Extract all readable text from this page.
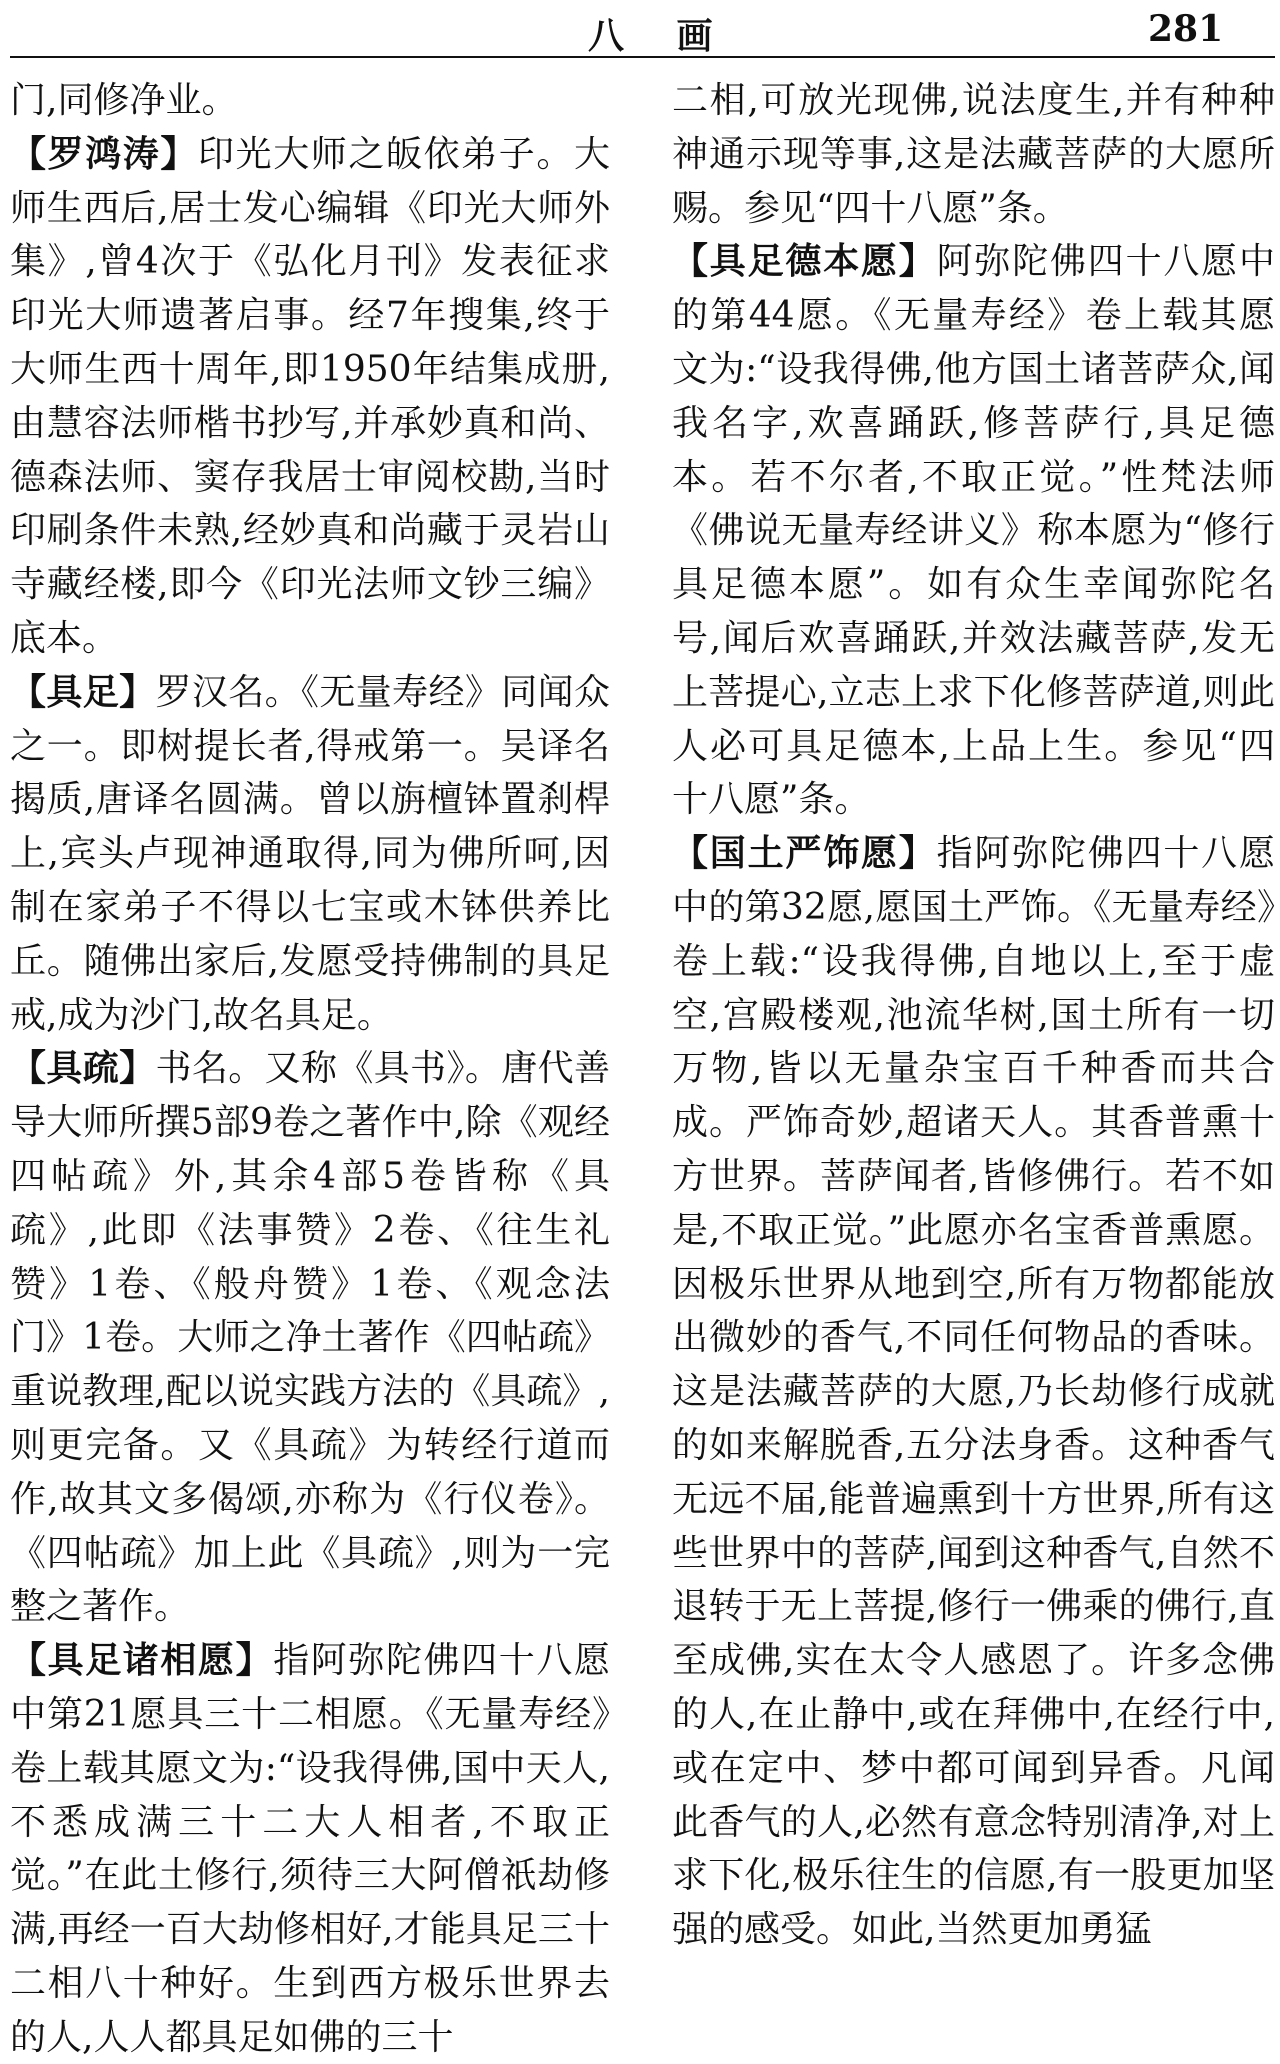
八 画	281

门,同修净业。

【罗鸿涛】印光大师之皈依弟子。大师生西后,居士发心编辑《印光大师外集》,曾4次于《弘化月刊》发表征求印光大师遗著启事。经7年搜集,终于大师生西十周年,即1950年结集成册,由慧容法师楷书抄写,并承妙真和尚、德森法师、窦存我居士审阅校勘,当时印刷条件未熟,经妙真和尚藏于灵岩山寺藏经楼,即今《印光法师文钞三编》底本。

【具足】罗汉名。《无量寿经》同闻众之一。即树提长者,得戒第一。吴译名揭质,唐译名圆满。曾以旃檀钵置刹桿上,宾头卢现神通取得,同为佛所呵,因制在家弟子不得以七宝或木钵供养比丘。随佛出家后,发愿受持佛制的具足戒,成为沙门,故名具足。

【具疏】书名。又称《具书》。唐代善导大师所撰5部9卷之著作中,除《观经四帖疏》外,其余4部5卷皆称《具疏》,此即《法事赞》2卷、《往生礼赞》1卷、《般舟赞》1卷、《观念法门》1卷。大师之净土著作《四帖疏》重说教理,配以说实践方法的《具疏》,则更完备。又《具疏》为转经行道而作,故其文多偈颂,亦称为《行仪卷》。《四帖疏》加上此《具疏》,则为一完整之著作。

【具足诸相愿】指阿弥陀佛四十八愿中第21愿具三十二相愿。《无量寿经》卷上载其愿文为:“设我得佛,国中天人,不悉成满三十二大人相者,不取正觉。”在此土修行,须待三大阿僧祇劫修满,再经一百大劫修相好,才能具足三十二相八十种好。生到西方极乐世界去的人,人人都具足如佛的三十

二相,可放光现佛,说法度生,并有种种神通示现等事,这是法藏菩萨的大愿所赐。参见“四十八愿”条。

【具足德本愿】阿弥陀佛四十八愿中的第44愿。《无量寿经》卷上载其愿文为:“设我得佛,他方国土诸菩萨众,闻我名字,欢喜踊跃,修菩萨行,具足德本。若不尔者,不取正觉。”性梵法师《佛说无量寿经讲义》称本愿为“修行具足德本愿”。如有众生幸闻弥陀名号,闻后欢喜踊跃,并效法藏菩萨,发无上菩提心,立志上求下化修菩萨道,则此人必可具足德本,上品上生。参见“四十八愿”条。

【国土严饰愿】指阿弥陀佛四十八愿中的第32愿,愿国土严饰。《无量寿经》卷上载:“设我得佛,自地以上,至于虚空,宫殿楼观,池流华树,国土所有一切万物,皆以无量杂宝百千种香而共合成。严饰奇妙,超诸天人。其香普熏十方世界。菩萨闻者,皆修佛行。若不如是,不取正觉。”此愿亦名宝香普熏愿。因极乐世界从地到空,所有万物都能放出微妙的香气,不同任何物品的香味。这是法藏菩萨的大愿,乃长劫修行成就的如来解脱香,五分法身香。这种香气无远不届,能普遍熏到十方世界,所有这些世界中的菩萨,闻到这种香气,自然不退转于无上菩提,修行一佛乘的佛行,直至成佛,实在太令人感恩了。许多念佛的人,在止静中,或在拜佛中,在经行中,或在定中、梦中都可闻到异香。凡闻此香气的人,必然有意念特别清净,对上求下化,极乐往生的信愿,有一股更加坚强的感受。如此,当然更加勇猛
